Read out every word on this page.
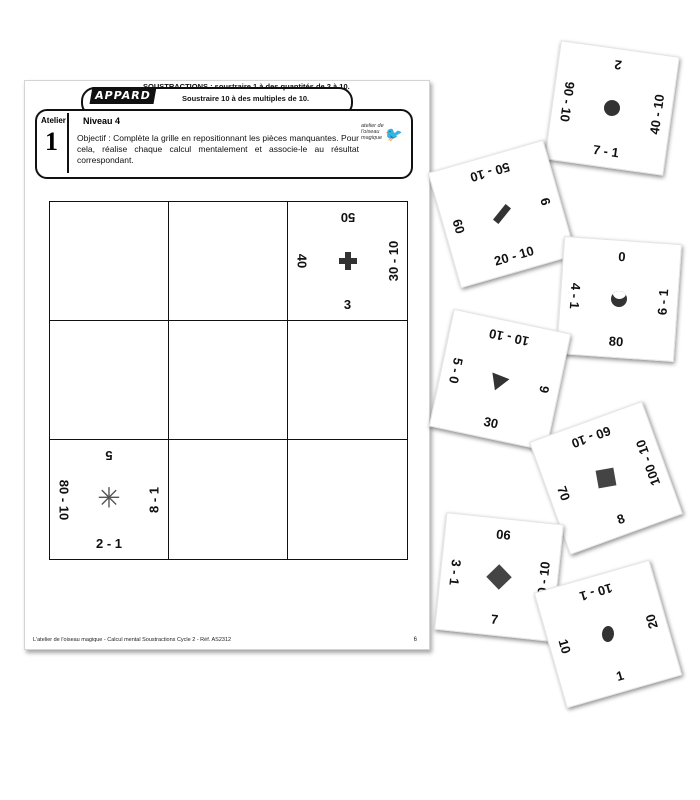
APPARD
SOUSTRACTIONS : soustraire 1 à des quantités de 2 à 10.
Soustraire 10 à des multiples de 10.
Atelier
1
Niveau 4
Objectif : Complète la grille en repositionnant les pièces manquantes. Pour cela, réalise chaque calcul mentalement et associe-le au résultat correspondant.
atelier de l'oiseau magique 🐦
50
40	30 - 10
3
5
80 - 10	8 - 1
2 - 1
✳
L'atelier de l'oiseau magique - Calcul mental Soustractions Cycle 2 - Réf. AS2312	6
2
90 - 10	40 - 10
7 - 1
50 - 10
60
9
20 - 10	0
4 - 1	6 - 1
80
10 - 10
5 - 0
6
30
60 - 10
70
100 - 10
8
90
3 - 1	70 - 10
7
10 - 1
10
20
1
